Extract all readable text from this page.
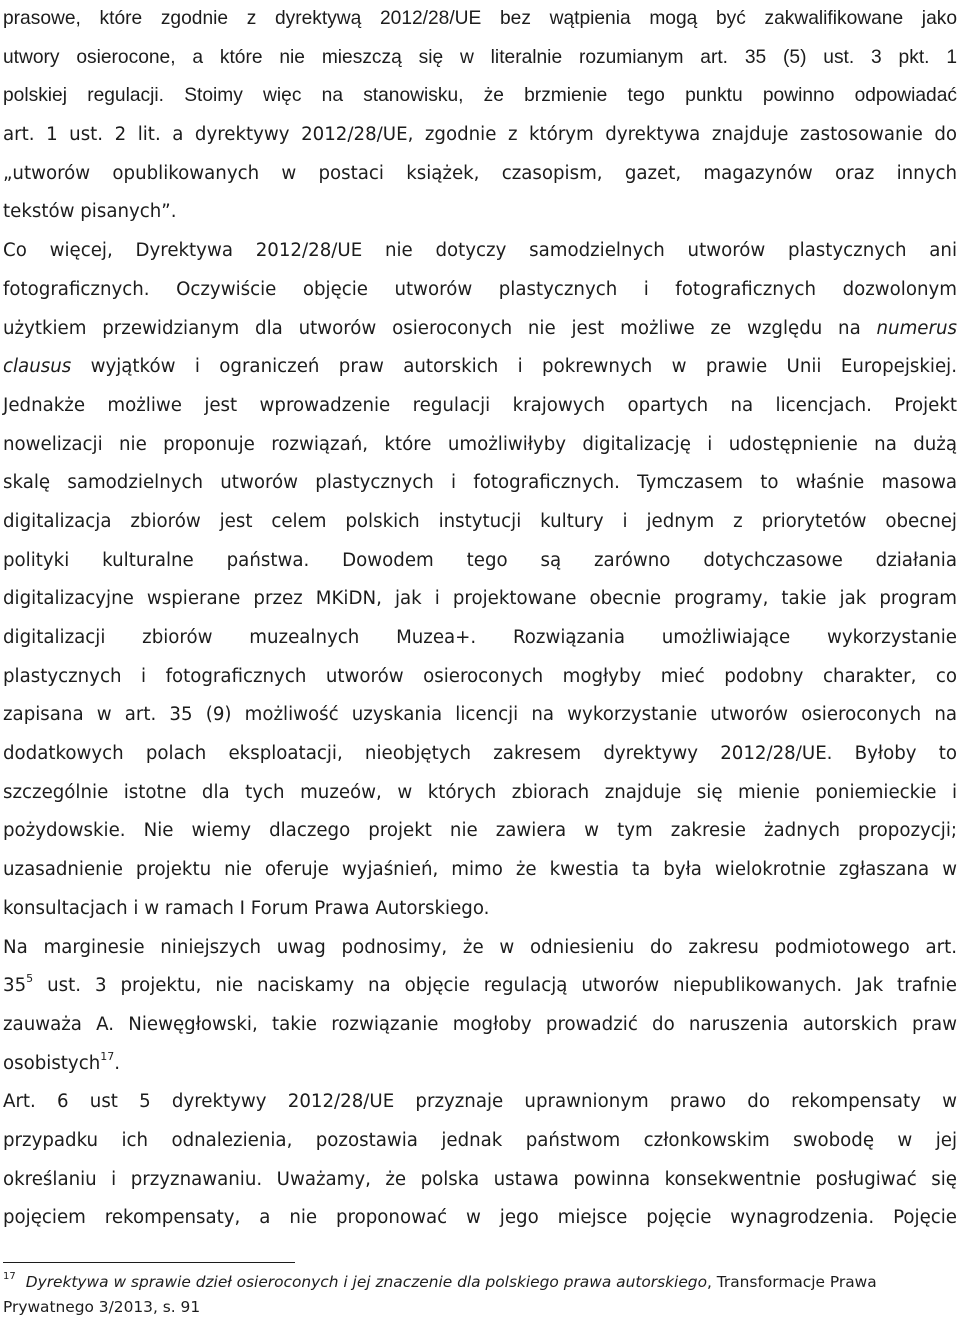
prasowe, które zgodnie z dyrektywą 2012/28/UE bez wątpienia mogą być zakwalifikowane jako
utwory osierocone, a które nie mieszczą się w literalnie rozumianym art. 35 (5) ust. 3 pkt. 1
polskiej regulacji. Stoimy więc na stanowisku, że brzmienie tego punktu powinno odpowiadać
art. 1 ust. 2 lit. a dyrektywy 2012/28/UE, zgodnie z którym dyrektywa znajduje zastosowanie do
„utworów opublikowanych w postaci książek, czasopism, gazet, magazynów oraz innych
tekstów pisanych”.
Co więcej, Dyrektywa 2012/28/UE nie dotyczy samodzielnych utworów plastycznych ani
fotograficznych. Oczywiście objęcie utworów plastycznych i fotograficznych dozwolonym
użytkiem przewidzianym dla utworów osieroconych nie jest możliwe ze względu na numerus
clausus wyjątków i ograniczeń praw autorskich i pokrewnych w prawie Unii Europejskiej.
Jednakże możliwe jest wprowadzenie regulacji krajowych opartych na licencjach. Projekt
nowelizacji nie proponuje rozwiązań, które umożliwiłyby digitalizację i udostępnienie na dużą
skalę samodzielnych utworów plastycznych i fotograficznych. Tymczasem to właśnie masowa
digitalizacja zbiorów jest celem polskich instytucji kultury i jednym z priorytetów obecnej
polityki kulturalne państwa. Dowodem tego są zarówno dotychczasowe działania
digitalizacyjne wspierane przez MKiDN, jak i projektowane obecnie programy, takie jak program
digitalizacji zbiorów muzealnych Muzea+. Rozwiązania umożliwiające wykorzystanie
plastycznych i fotograficznych utworów osieroconych mogłyby mieć podobny charakter, co
zapisana w art. 35 (9) możliwość uzyskania licencji na wykorzystanie utworów osieroconych na
dodatkowych polach eksploatacji, nieobjętych zakresem dyrektywy 2012/28/UE. Byłoby to
szczególnie istotne dla tych muzeów, w których zbiorach znajduje się mienie poniemieckie i
pożydowskie. Nie wiemy dlaczego projekt nie zawiera w tym zakresie żadnych propozycji;
uzasadnienie projektu nie oferuje wyjaśnień, mimo że kwestia ta była wielokrotnie zgłaszana w
konsultacjach i w ramach I Forum Prawa Autorskiego.
Na marginesie niniejszych uwag podnosimy, że w odniesieniu do zakresu podmiotowego art.
$35^5$ ust. 3 projektu, nie naciskamy na objęcie regulacją utworów niepublikowanych. Jak trafnie
zauważa A. Niewęgłowski, takie rozwiązanie mogłoby prowadzić do naruszenia autorskich praw
osobistych$^{17}$.
Art. 6 ust 5 dyrektywy 2012/28/UE przyznaje uprawnionym prawo do rekompensaty w
przypadku ich odnalezienia, pozostawia jednak państwom członkowskim swobodę w jej
określaniu i przyznawaniu. Uważamy, że polska ustawa powinna konsekwentnie posługiwać się
pojęciem rekompensaty, a nie proponować w jego miejsce pojęcie wynagrodzenia. Pojęcie
$^{17}$ Dyrektywa w sprawie dzieł osieroconych i jej znaczenie dla polskiego prawa autorskiego, Transformacje Prawa
Prywatnego 3/2013, s. 91
